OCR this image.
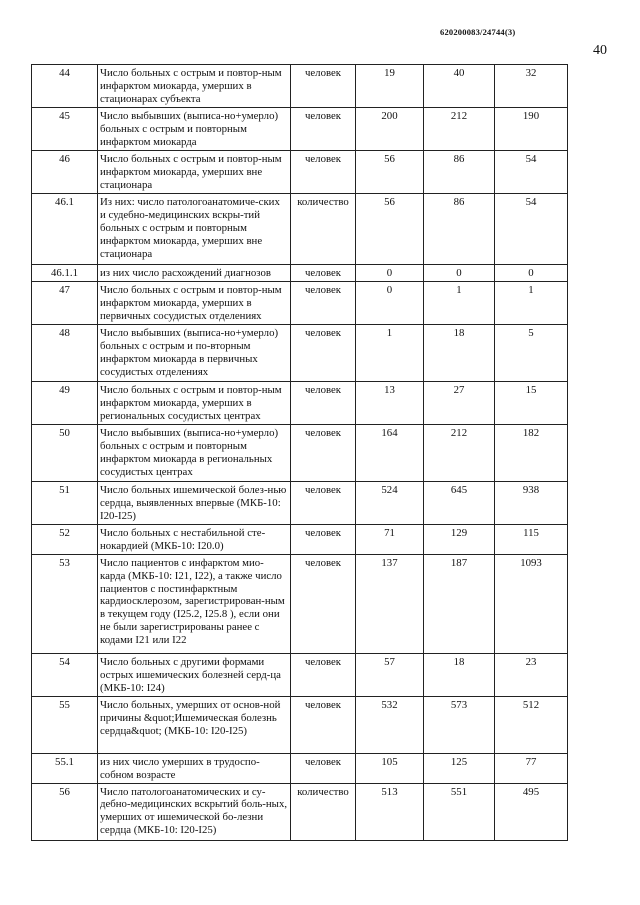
620200083/24744(3)
40
44	Число больных с острым и повтор-ным инфарктом миокарда, умерших в стационарах субъекта	человек	19	40	32
45	Число выбывших (выписа-но+умерло) больных с острым и повторным инфарктом миокарда	человек	200	212	190
46	Число больных с острым и повтор-ным инфарктом миокарда, умерших вне стационара	человек	56	86	54
46.1	Из них: число патологоанатомиче-ских и судебно-медицинских вскры-тий больных с острым и повторным инфарктом миокарда, умерших вне стационара	количество	56	86	54
46.1.1	из них число расхождений диагнозов	человек	0	0	0
47	Число больных с острым и повтор-ным инфарктом миокарда, умерших в первичных сосудистых отделениях	человек	0	1	1
48	Число выбывших (выписа-но+умерло) больных с острым и по-вторным инфарктом миокарда в первичных сосудистых отделениях	человек	1	18	5
49	Число больных с острым и повтор-ным инфарктом миокарда, умерших в региональных сосудистых центрах	человек	13	27	15
50	Число выбывших (выписа-но+умерло) больных с острым и повторным инфарктом миокарда в региональных сосудистых центрах	человек	164	212	182
51	Число больных ишемической болез-нью сердца, выявленных впервые (МКБ-10: I20-I25)	человек	524	645	938
52	Число больных с нестабильной сте-нокардией (МКБ-10: I20.0)	человек	71	129	115
53	Число пациентов с инфарктом мио-карда (МКБ-10: I21, I22), а также число пациентов с постинфарктным кардиосклерозом, зарегистрирован-ным в текущем году (I25.2, I25.8 ), если они не были зарегистрированы ранее с кодами I21 или I22	человек	137	187	1093
54	Число больных с другими формами острых ишемических болезней серд-ца (МКБ-10: I24)	человек	57	18	23
55	Число больных, умерших от основ-ной причины &quot;Ишемическая болезнь сердца&quot; (МКБ-10: I20-I25)	человек	532	573	512
55.1	из них число умерших в трудоспо-собном возрасте	человек	105	125	77
56	Число патологоанатомических и су-дебно-медицинских вскрытий боль-ных, умерших от ишемической бо-лезни сердца (МКБ-10: I20-I25)	количество	513	551	495
